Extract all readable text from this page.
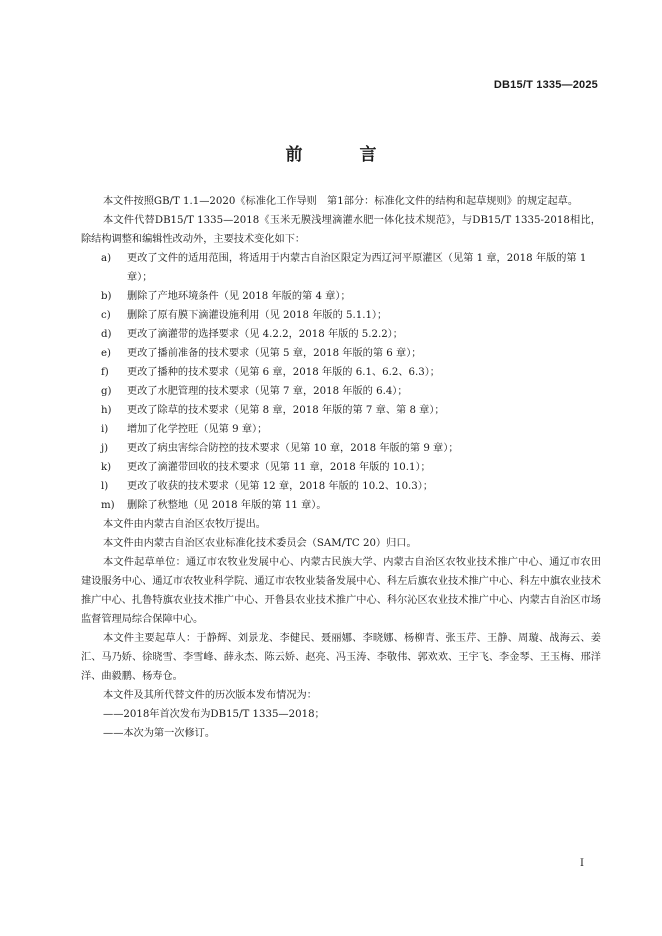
DB15/T 1335—2025
前　言

本文件按照GB/T 1.1—2020《标准化工作导则　第1部分：标准化文件的结构和起草规则》的规定起草。

本文件代替DB15/T 1335—2018《玉米无膜浅埋滴灌水肥一体化技术规范》，与DB15/T 1335-2018相比，除结构调整和编辑性改动外，主要技术变化如下：

a)	更改了文件的适用范围，将适用于内蒙古自治区限定为西辽河平原灌区（见第 1 章，2018 年版的第 1 章）；
b)	删除了产地环境条件（见 2018 年版的第 4 章）；
c)	删除了原有膜下滴灌设施利用（见 2018 年版的 5.1.1）；
d)	更改了滴灌带的选择要求（见 4.2.2，2018 年版的 5.2.2）；
e)	更改了播前准备的技术要求（见第 5 章，2018 年版的第 6 章）；
f)	更改了播种的技术要求（见第 6 章，2018 年版的 6.1、6.2、6.3）；
g)	更改了水肥管理的技术要求（见第 7 章，2018 年版的 6.4）；
h)	更改了除草的技术要求（见第 8 章，2018 年版的第 7 章、第 8 章）；
i)	增加了化学控旺（见第 9 章）；
j)	更改了病虫害综合防控的技术要求（见第 10 章，2018 年版的第 9 章）；
k)	更改了滴灌带回收的技术要求（见第 11 章，2018 年版的 10.1）；
l)	更改了收获的技术要求（见第 12 章，2018 年版的 10.2、10.3）；
m)	删除了秋整地（见 2018 年版的第 11 章）。

本文件由内蒙古自治区农牧厅提出。

本文件由内蒙古自治区农业标准化技术委员会（SAM/TC 20）归口。

本文件起草单位：通辽市农牧业发展中心、内蒙古民族大学、内蒙古自治区农牧业技术推广中心、通辽市农田建设服务中心、通辽市农牧业科学院、通辽市农牧业装备发展中心、科左后旗农业技术推广中心、科左中旗农业技术推广中心、扎鲁特旗农业技术推广中心、开鲁县农业技术推广中心、科尔沁区农业技术推广中心、内蒙古自治区市场监督管理局综合保障中心。

本文件主要起草人：于静辉、刘景龙、李健民、聂丽娜、李晓娜、杨柳青、张玉芹、王静、周璇、战海云、姜汇、马乃娇、徐晓雪、李雪峰、薛永杰、陈云娇、赵亮、冯玉涛、李敬伟、郭欢欢、王宇飞、李金琴、王玉梅、邢洋洋、曲毅鹏、杨寿仓。

本文件及其所代替文件的历次版本发布情况为：

——2018年首次发布为DB15/T 1335—2018；

——本次为第一次修订。

I
